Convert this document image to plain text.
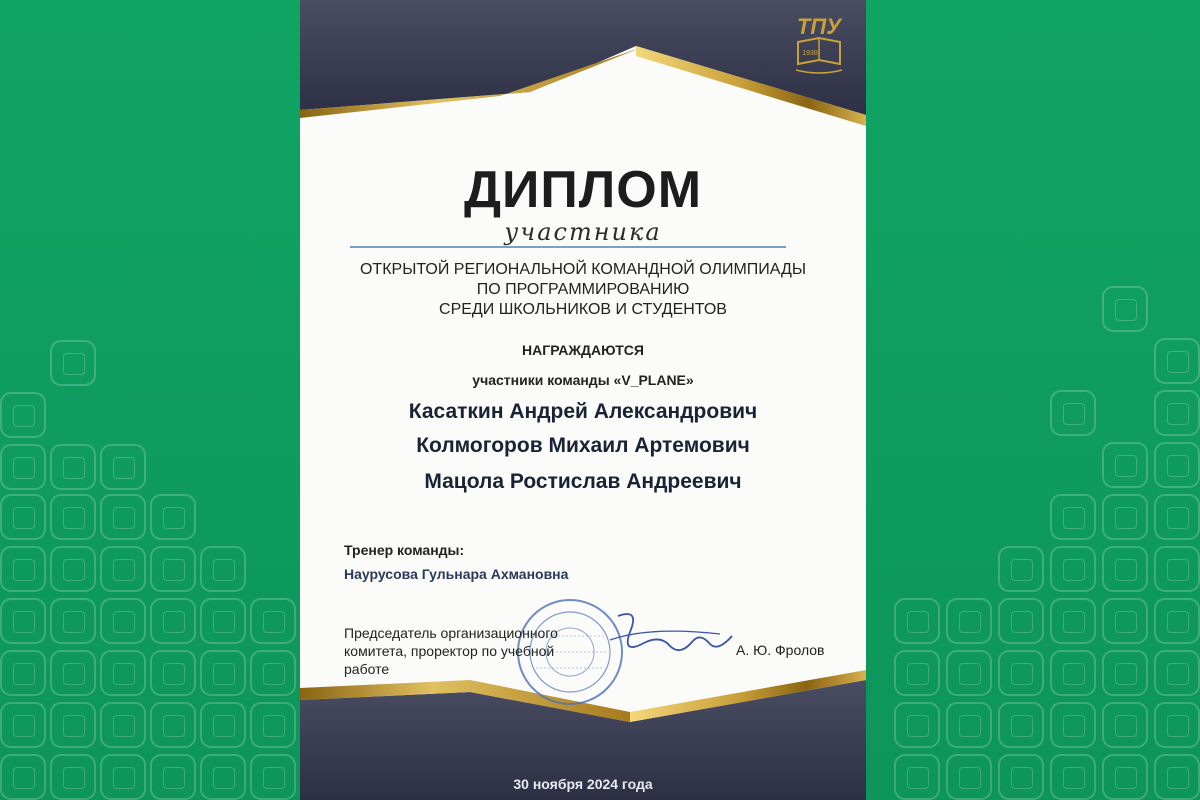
ТПУ
1938
ДИПЛОМ
участника
ОТКРЫТОЙ РЕГИОНАЛЬНОЙ КОМАНДНОЙ ОЛИМПИАДЫ
ПО ПРОГРАММИРОВАНИЮ
СРЕДИ ШКОЛЬНИКОВ И СТУДЕНТОВ
НАГРАЖДАЮТСЯ
участники команды «V_PLANE»
Касаткин Андрей Александрович
Колмогоров Михаил Артемович
Мацола Ростислав Андреевич
Тренер команды:
Наурусова Гульнара Ахмановна
Председатель организационного
комитета, проректор по учебной
работе
А. Ю. Фролов
30 ноября 2024 года
